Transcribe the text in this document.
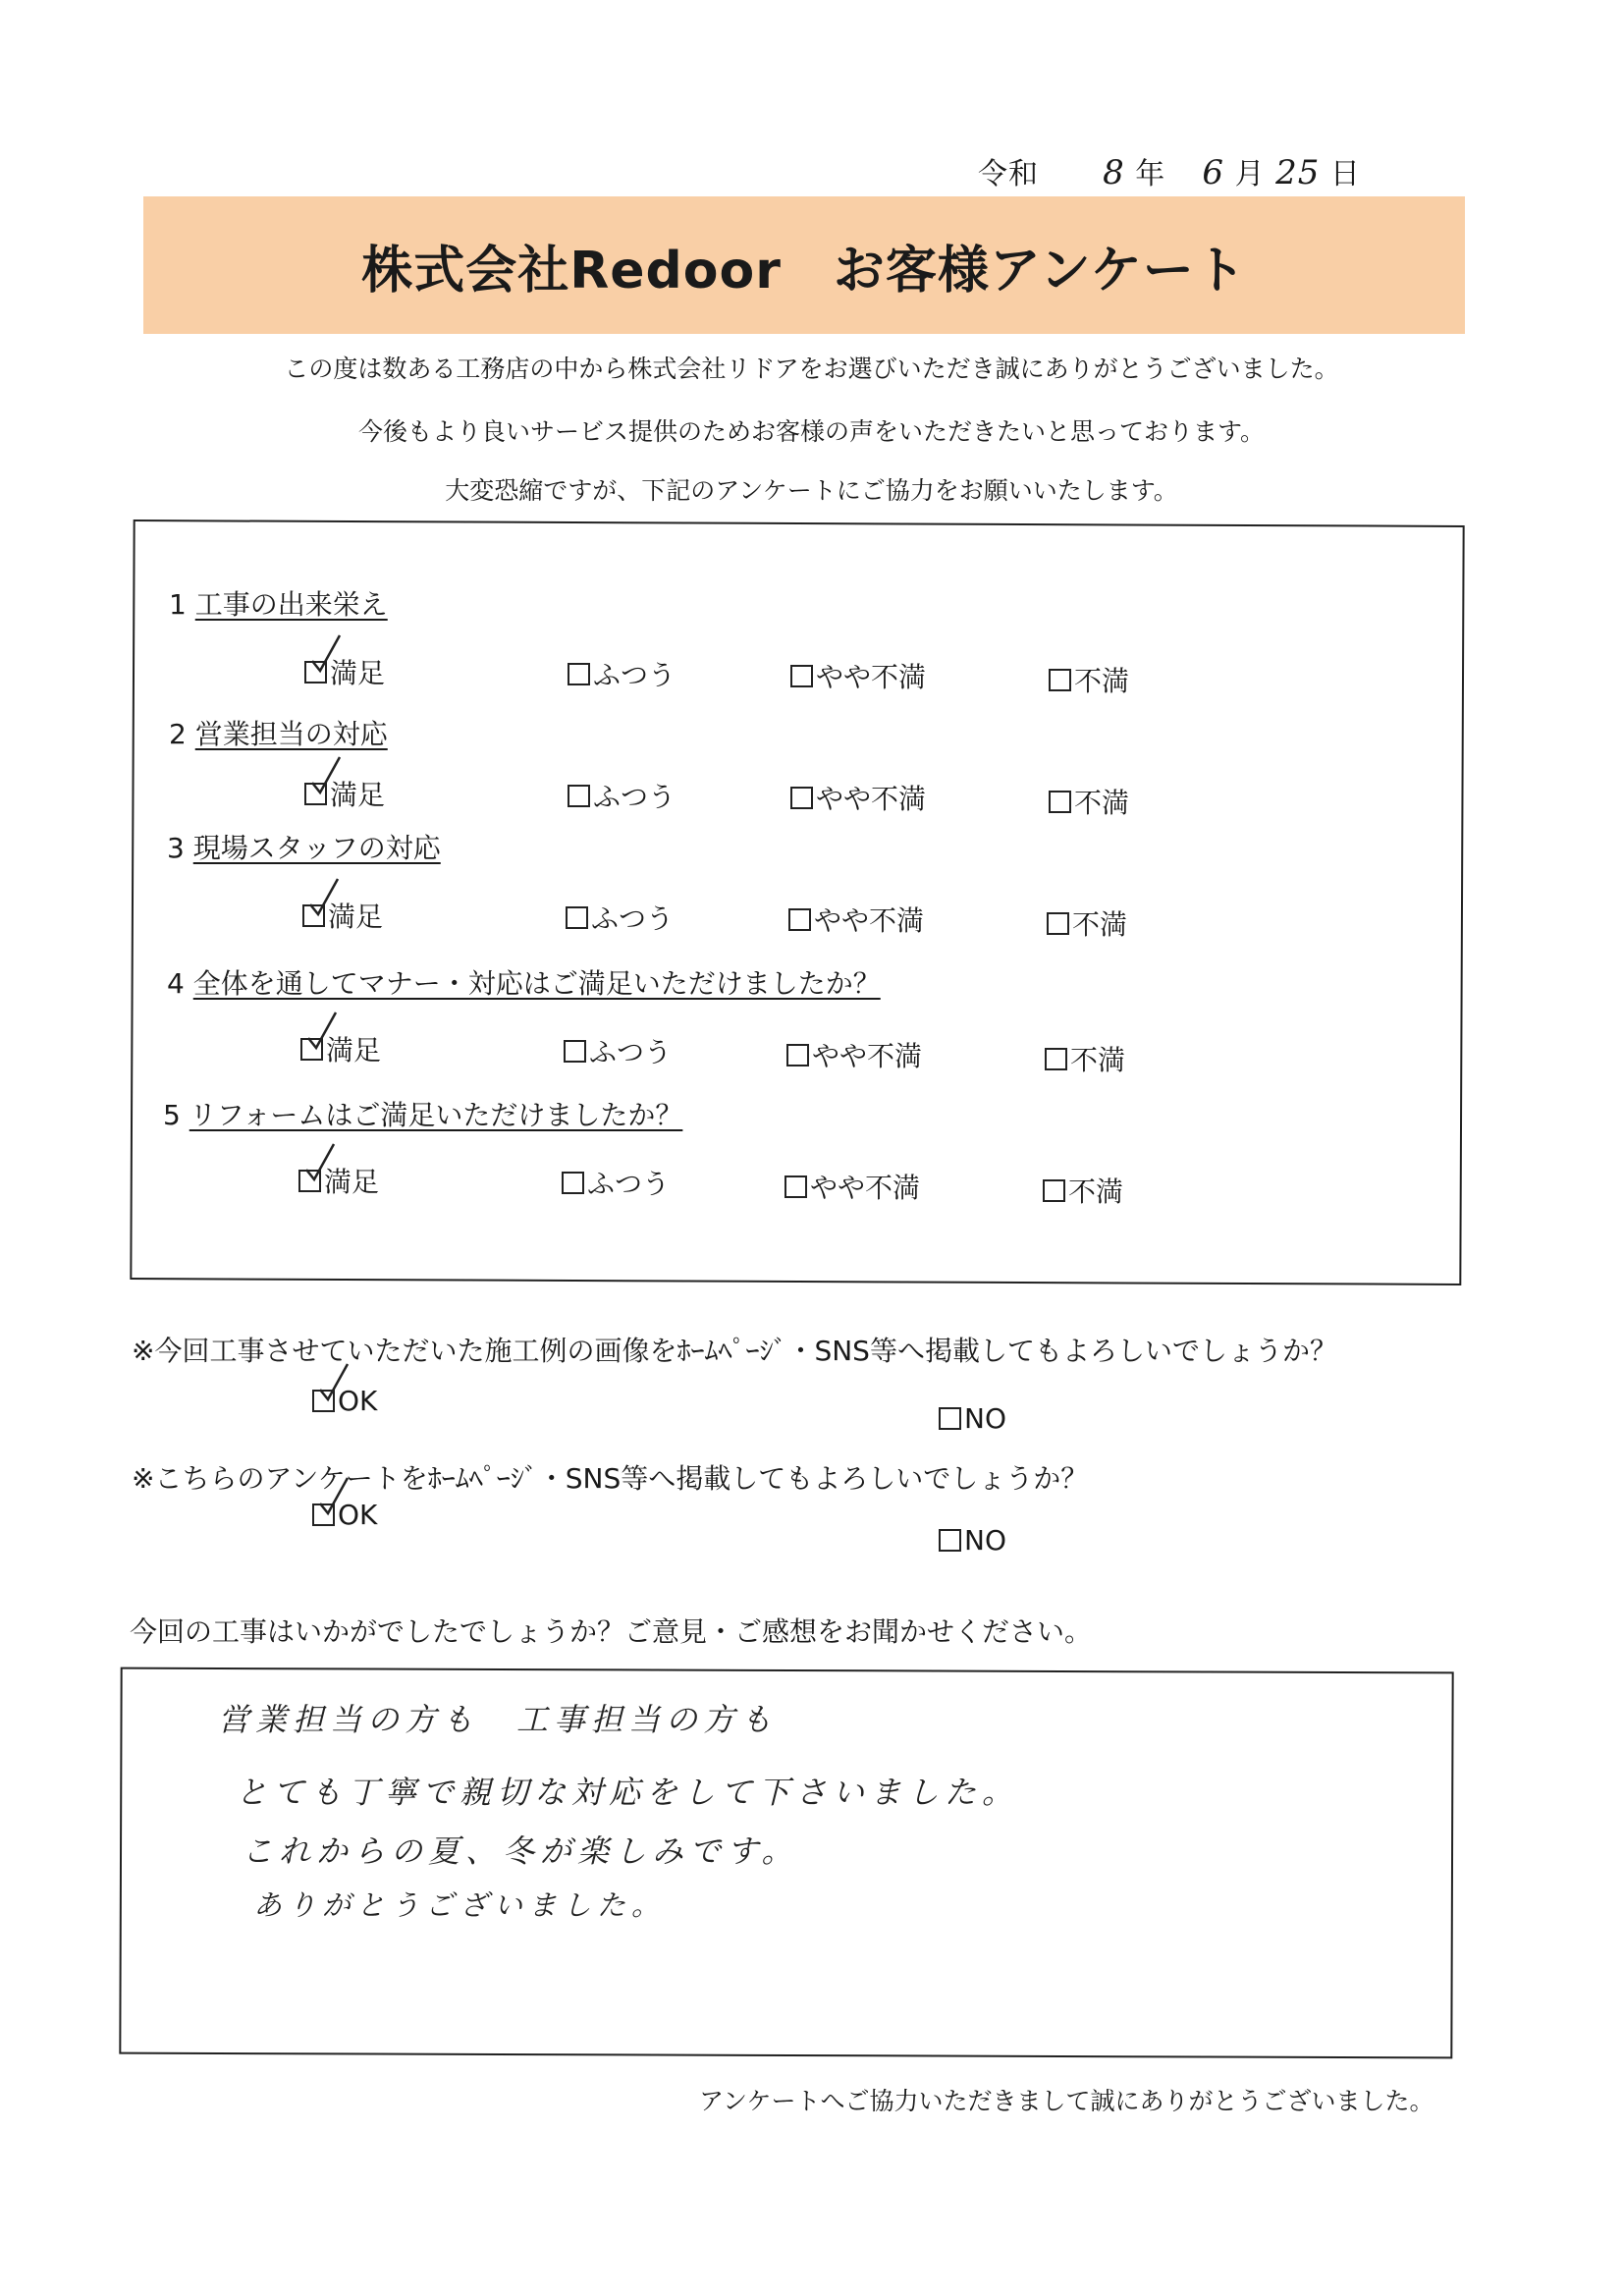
令和 8 年 6 月 25 日
株式会社Redoor　お客様アンケート
この度は数ある工務店の中から株式会社リドアをお選びいただき誠にありがとうございました。
今後もより良いサービス提供のためお客様の声をいただきたいと思っております。
大変恐縮ですが、下記のアンケートにご協力をお願いいたします。
1 工事の出来栄え
満足	ふつう	やや不満	不満
2 営業担当の対応
満足	ふつう	やや不満	不満
3 現場スタッフの対応
満足	ふつう	やや不満	不満
4 全体を通してマナー・対応はご満足いただけましたか？
満足	ふつう	やや不満	不満
5 リフォームはご満足いただけましたか？
満足	ふつう	やや不満	不満
※今回工事させていただいた施工例の画像をﾎｰﾑﾍﾟｰｼﾞ・SNS等へ掲載してもよろしいでしょうか？
OK
NO
※こちらのアンケートをﾎｰﾑﾍﾟｰｼﾞ・SNS等へ掲載してもよろしいでしょうか？
OK
NO
今回の工事はいかがでしたでしょうか？ご意見・ご感想をお聞かせください。
営業担当の方も　工事担当の方も
とても丁寧で親切な対応をして下さいました。
これからの夏、冬が楽しみです。
ありがとうございました。
アンケートへご協力いただきまして誠にありがとうございました。
